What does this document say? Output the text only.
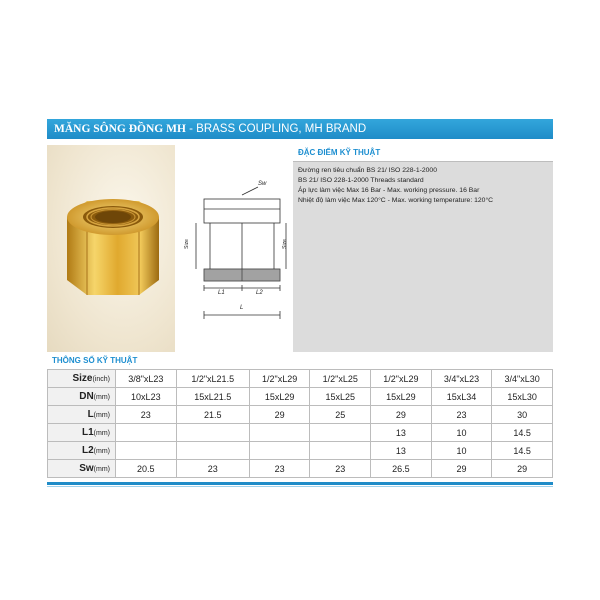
MĂNG SÔNG ĐỒNG MH - BRASS COUPLING, MH BRAND
Sw
Size	Size
L1	L2
L
ĐẶC ĐIỂM KỸ THUẬT
Đường ren tiêu chuẩn BS 21/ ISO 228-1-2000
BS 21/ ISO 228-1-2000 Threads standard
Áp lực làm việc Max 16 Bar - Max. working pressure. 16 Bar
Nhiệt độ làm việc Max 120°C - Max. working temperature: 120°C
THÔNG SỐ KỸ THUẬT
Size(inch)	3/8"xL23	1/2"xL21.5	1/2"xL29	1/2"xL25	1/2"xL29	3/4"xL23	3/4"xL30
DN(mm)	10xL23	15xL21.5	15xL29	15xL25	15xL29	15xL34	15xL30
L(mm)	23	21.5	29	25	29	23	30
L1(mm)					13	10	14.5
L2(mm)					13	10	14.5
Sw(mm)	20.5	23	23	23	26.5	29	29
